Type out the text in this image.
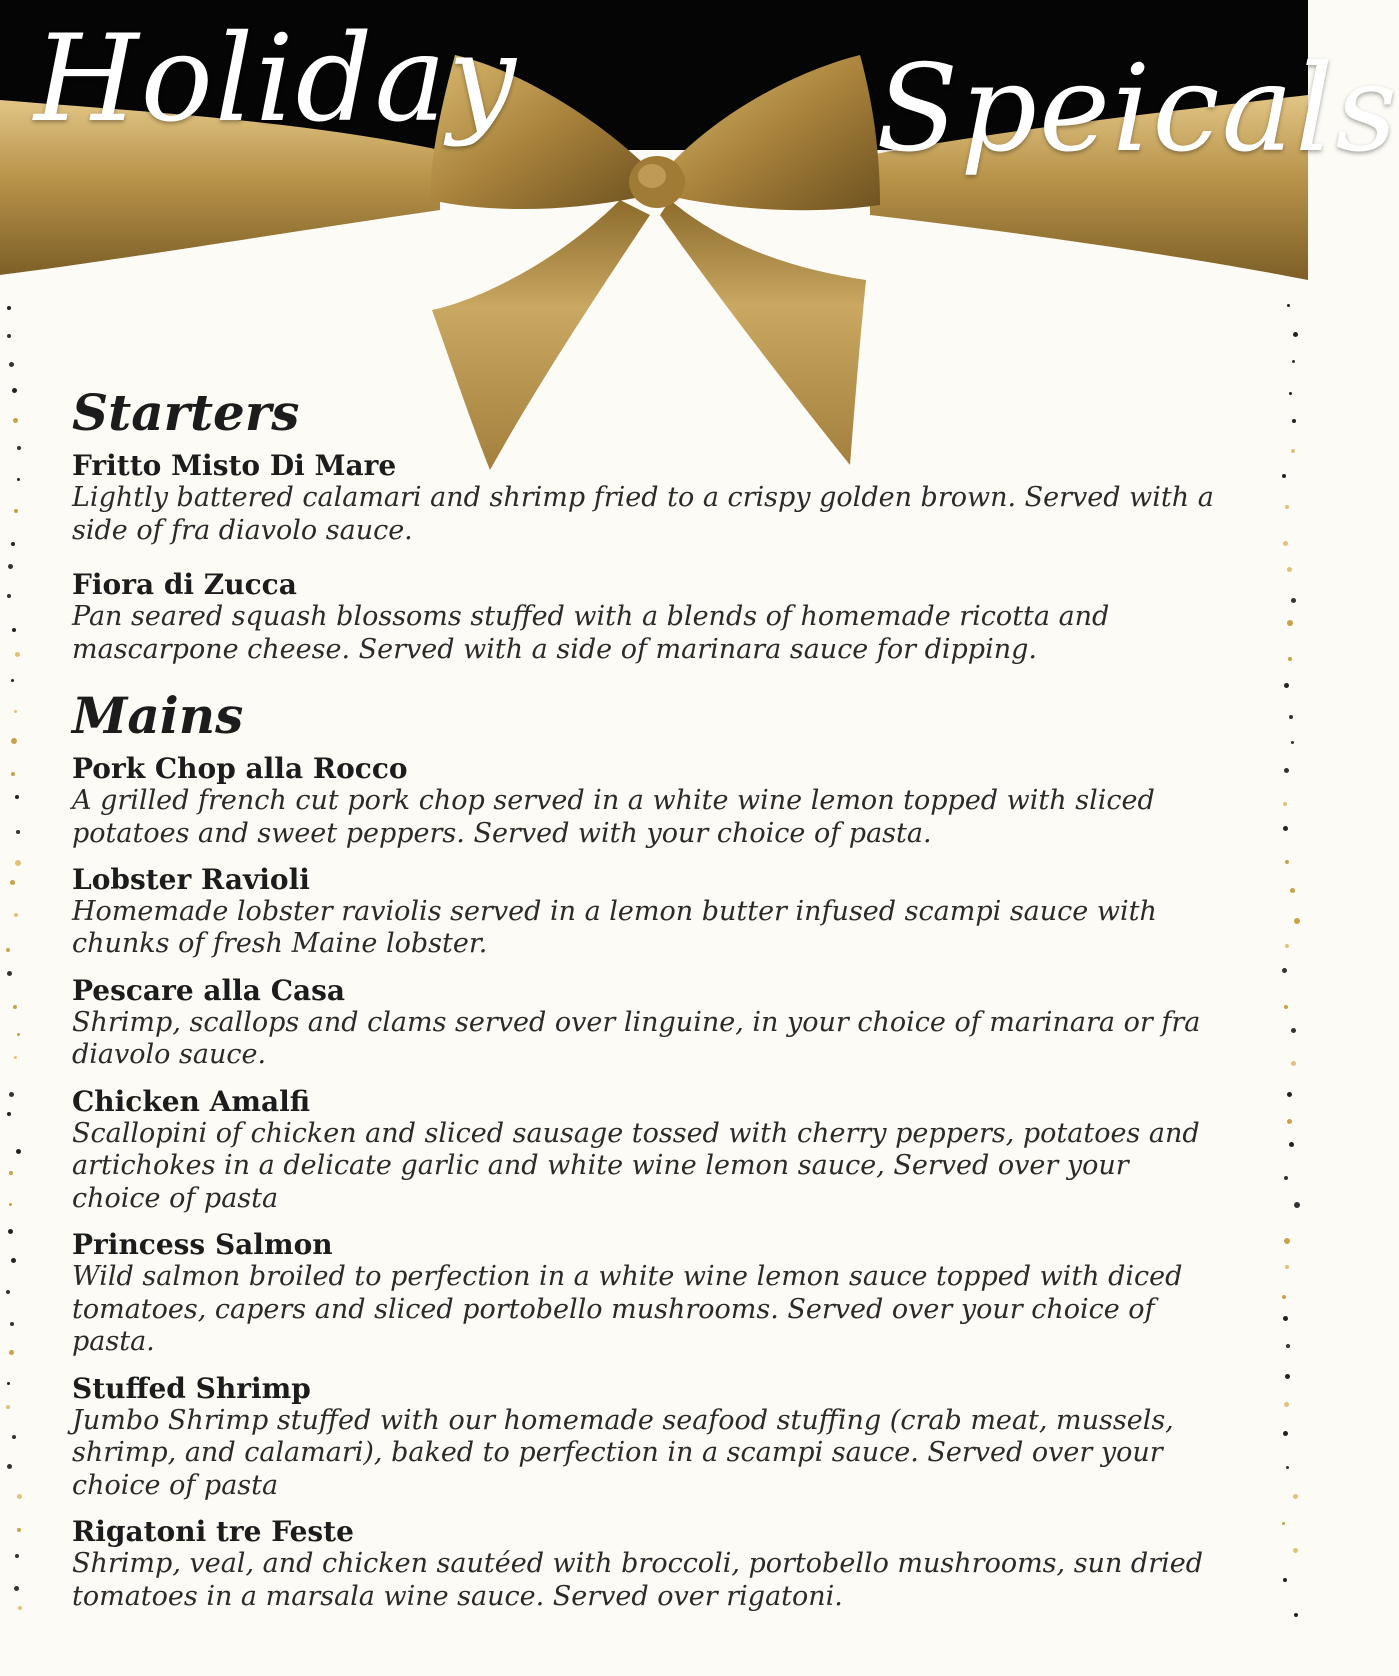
Holiday	Speicals
Starters
Fritto Misto Di Mare
Lightly battered calamari and shrimp fried to a crispy golden brown. Served with a side of fra diavolo sauce.
Fiora di Zucca
Pan seared squash blossoms stuffed with a blends of homemade ricotta and mascarpone cheese. Served with a side of marinara sauce for dipping.
Mains
Pork Chop alla Rocco
A grilled french cut pork chop served in a white wine lemon topped with sliced potatoes and sweet peppers. Served with your choice of pasta.
Lobster Ravioli
Homemade lobster raviolis served in a lemon butter infused scampi sauce with chunks of fresh Maine lobster.
Pescare alla Casa
Shrimp, scallops and clams served over linguine, in your choice of marinara or fra diavolo sauce.
Chicken Amalfi
Scallopini of chicken and sliced sausage tossed with cherry peppers, potatoes and artichokes in a delicate garlic and white wine lemon sauce, Served over your choice of pasta
Princess Salmon
Wild salmon broiled to perfection in a white wine lemon sauce topped with diced tomatoes, capers and sliced portobello mushrooms. Served over your choice of pasta.
Stuffed Shrimp
Jumbo Shrimp stuffed with our homemade seafood stuffing (crab meat, mussels, shrimp, and calamari), baked to perfection in a scampi sauce. Served over your choice of pasta
Rigatoni tre Feste
Shrimp, veal, and chicken sautéed with broccoli, portobello mushrooms, sun dried tomatoes in a marsala wine sauce. Served over rigatoni.
